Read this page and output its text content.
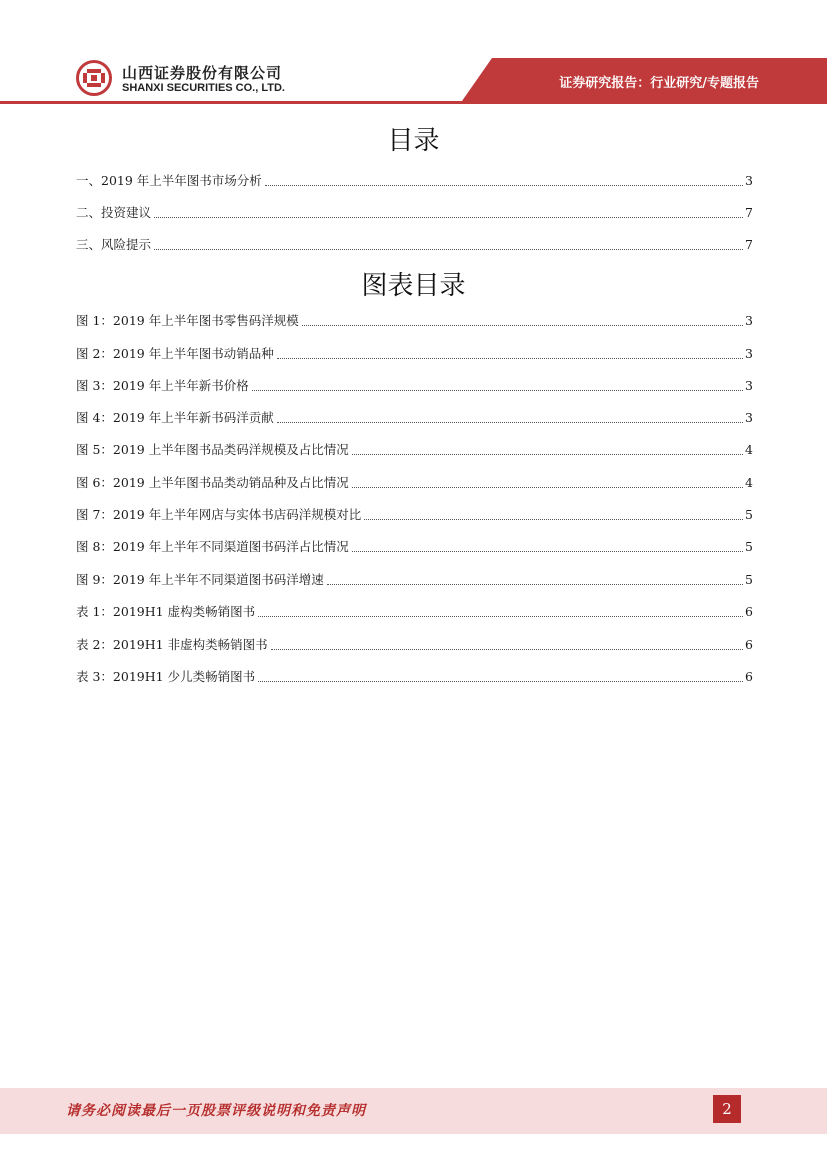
山西证券股份有限公司
SHANXI SECURITIES CO., LTD.	证券研究报告：行业研究/专题报告
目录
一、2019 年上半年图书市场分析	3
二、投资建议	7
三、风险提示	7
图表目录
图 1：2019 年上半年图书零售码洋规模	3
图 2：2019 年上半年图书动销品种	3
图 3：2019 年上半年新书价格	3
图 4：2019 年上半年新书码洋贡献	3
图 5：2019 上半年图书品类码洋规模及占比情况	4
图 6：2019 上半年图书品类动销品种及占比情况	4
图 7：2019 年上半年网店与实体书店码洋规模对比	5
图 8：2019 年上半年不同渠道图书码洋占比情况	5
图 9：2019 年上半年不同渠道图书码洋增速	5
表 1：2019H1 虚构类畅销图书	6
表 2：2019H1 非虚构类畅销图书	6
表 3：2019H1 少儿类畅销图书	6
请务必阅读最后一页股票评级说明和免责声明	2
